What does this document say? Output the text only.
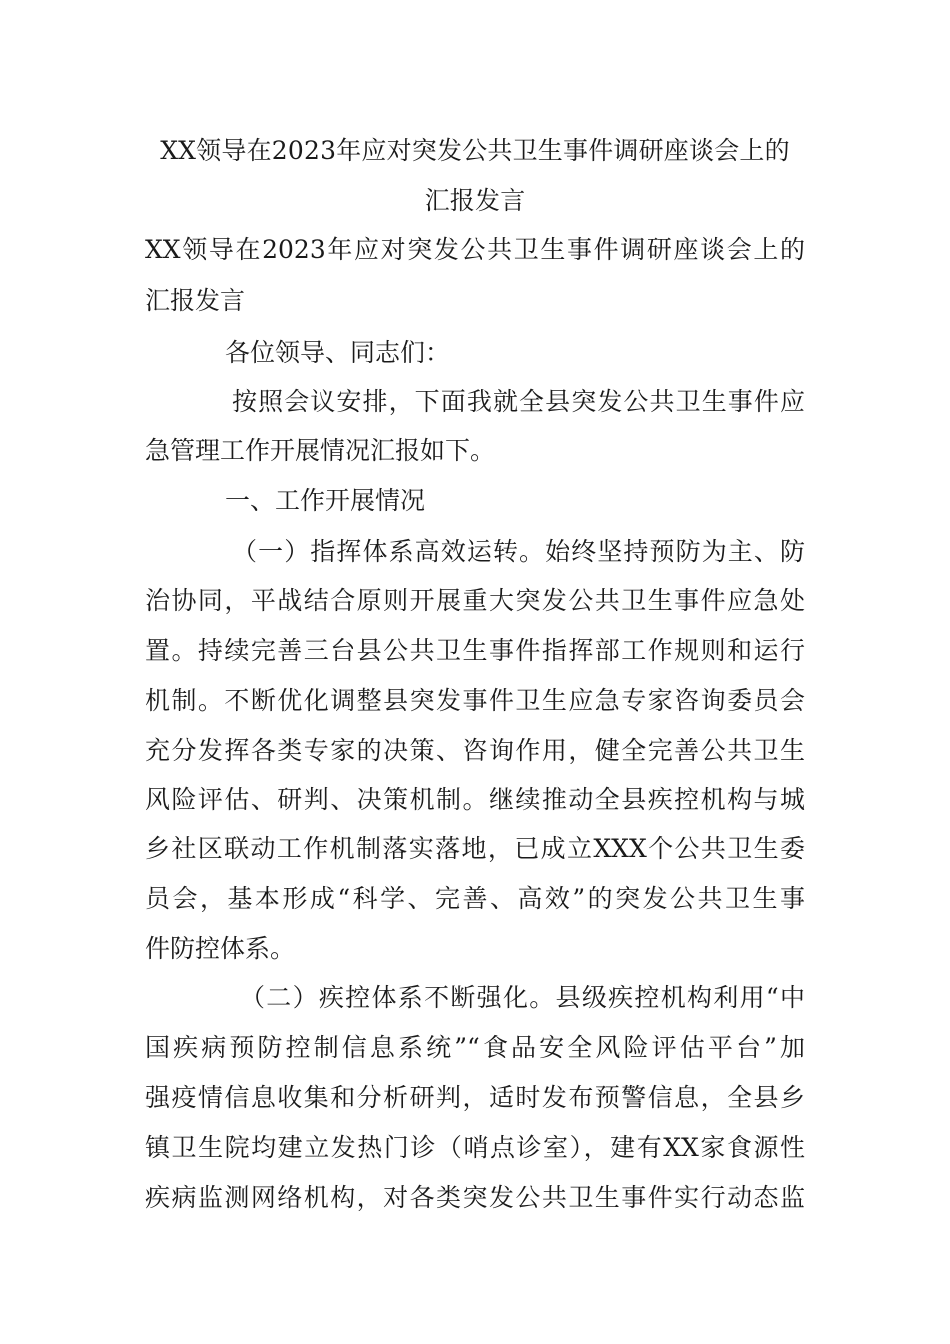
XX领导在2023年应对突发公共卫生事件调研座谈会上的
汇报发言
XX领导在2023年应对突发公共卫生事件调研座谈会上的
汇报发言
各位领导、同志们：
按照会议安排，下面我就全县突发公共卫生事件应
急管理工作开展情况汇报如下。
一、工作开展情况
（一）指挥体系高效运转。始终坚持预防为主、防
治协同，平战结合原则开展重大突发公共卫生事件应急处
置。持续完善三台县公共卫生事件指挥部工作规则和运行
机制。不断优化调整县突发事件卫生应急专家咨询委员会
充分发挥各类专家的决策、咨询作用，健全完善公共卫生
风险评估、研判、决策机制。继续推动全县疾控机构与城
乡社区联动工作机制落实落地，已成立XXX个公共卫生委
员会，基本形成“科学、完善、高效”的突发公共卫生事
件防控体系。
（二）疾控体系不断强化。县级疾控机构利用“中
国疾病预防控制信息系统”“食品安全风险评估平台”加
强疫情信息收集和分析研判，适时发布预警信息，全县乡
镇卫生院均建立发热门诊（哨点诊室），建有XX家食源性
疾病监测网络机构，对各类突发公共卫生事件实行动态监
